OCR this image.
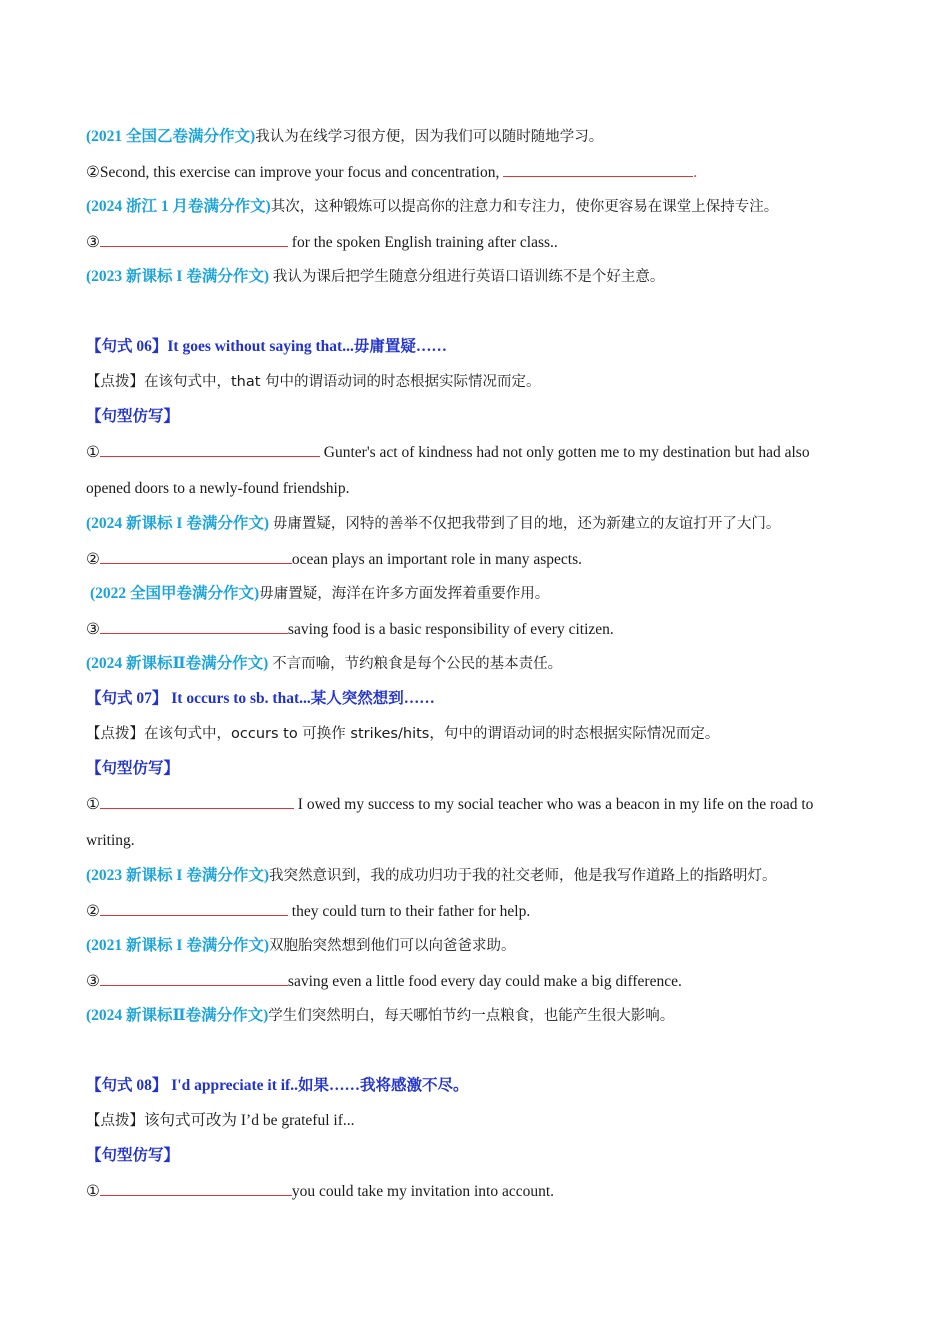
(2021 全国乙卷满分作文)我认为在线学习很方便，因为我们可以随时随地学习。
②Second, this exercise can improve your focus and concentration,	.
(2024 浙江 1 月卷满分作文)其次，这种锻炼可以提高你的注意力和专注力，使你更容易在课堂上保持专注。
③	for the spoken English training after class..
(2023 新课标 I 卷满分作文) 我认为课后把学生随意分组进行英语口语训练不是个好主意。
【句式 06】It goes without saying that...毋庸置疑……
【点拨】在该句式中，that 句中的谓语动词的时态根据实际情况而定。
【句型仿写】
①	Gunter's act of kindness had not only gotten me to my destination but had also
opened doors to a newly-found friendship.
(2024 新课标 I 卷满分作文) 毋庸置疑，冈特的善举不仅把我带到了目的地，还为新建立的友谊打开了大门。
②	ocean plays an important role in many aspects.
(2022 全国甲卷满分作文)毋庸置疑，海洋在许多方面发挥着重要作用。
③	saving food is a basic responsibility of every citizen.
(2024 新课标Ⅱ卷满分作文) 不言而喻，节约粮食是每个公民的基本责任。
【句式 07】 It occurs to sb. that...某人突然想到……
【点拨】在该句式中，occurs to 可换作 strikes/hits，句中的谓语动词的时态根据实际情况而定。
【句型仿写】
①	I owed my success to my social teacher who was a beacon in my life on the road to
writing.
(2023 新课标 I 卷满分作文)我突然意识到，我的成功归功于我的社交老师，他是我写作道路上的指路明灯。
②	they could turn to their father for help.
(2021 新课标 I 卷满分作文)双胞胎突然想到他们可以向爸爸求助。
③	saving even a little food every day could make a big difference.
(2024 新课标Ⅱ卷满分作文)学生们突然明白，每天哪怕节约一点粮食，也能产生很大影响。
【句式 08】 I'd appreciate it if..如果……我将感激不尽。
【点拨】该句式可改为 I’d be grateful if...
【句型仿写】
①	you could take my invitation into account.
